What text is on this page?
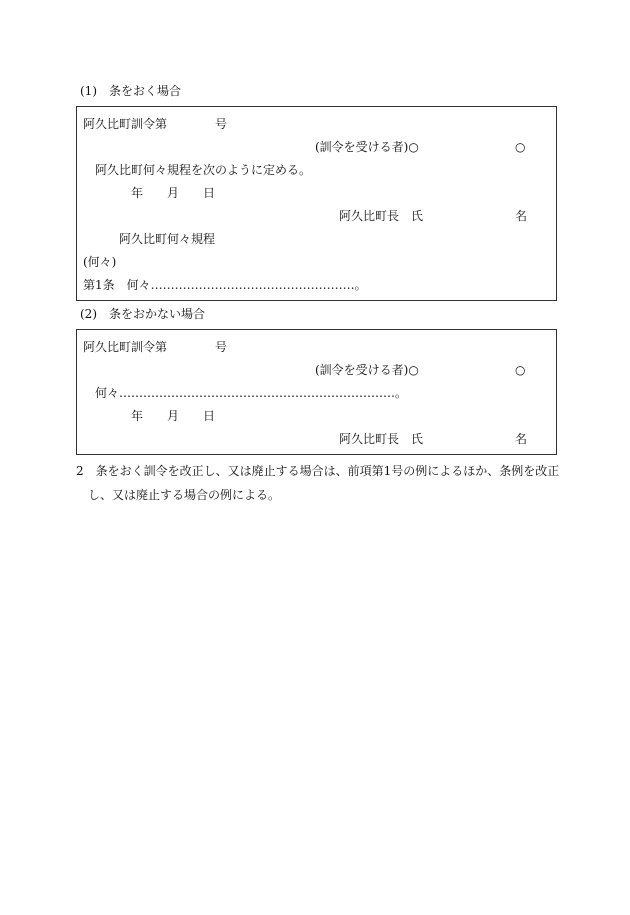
(1)　条をおく場合
阿久比町訓令第　　　　号
(訓令を受ける者)○	○
阿久比町何々規程を次のように定める。
年　　月　　日
阿久比町長　氏	名
阿久比町何々規程
(何々)
第1条　何々……………………………………………。
(2)　条をおかない場合
阿久比町訓令第　　　　号
(訓令を受ける者)○	○
何々……………………………………………………………。
年　　月　　日
阿久比町長　氏	名
2　条をおく訓令を改正し、又は廃止する場合は、前項第1号の例によるほか、条例を改正し、又は廃止する場合の例による。
